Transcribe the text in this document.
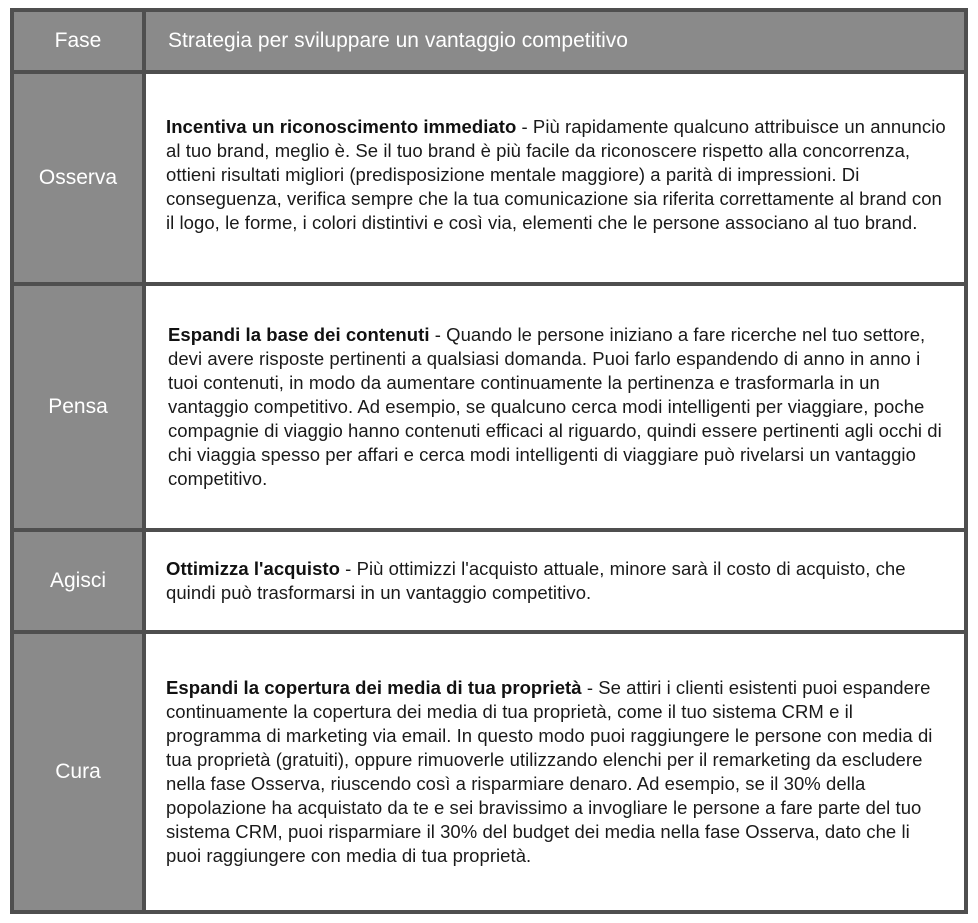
Fase	Strategia per sviluppare un vantaggio competitivo
Osserva

Incentiva un riconoscimento immediato - Più rapidamente qualcuno attribuisce un annuncio al tuo brand, meglio è. Se il tuo brand è più facile da riconoscere rispetto alla concorrenza, ottieni risultati migliori (predisposizione mentale maggiore) a parità di impressioni. Di conseguenza, verifica sempre che la tua comunicazione sia riferita correttamente al brand con il logo, le forme, i colori distintivi e così via, elementi che le persone associano al tuo brand.

Pensa

Espandi la base dei contenuti - Quando le persone iniziano a fare ricerche nel tuo settore, devi avere risposte pertinenti a qualsiasi domanda. Puoi farlo espandendo di anno in anno i tuoi contenuti, in modo da aumentare continuamente la pertinenza e trasformarla in un vantaggio competitivo. Ad esempio, se qualcuno cerca modi intelligenti per viaggiare, poche compagnie di viaggio hanno contenuti efficaci al riguardo, quindi essere pertinenti agli occhi di chi viaggia spesso per affari e cerca modi intelligenti di viaggiare può rivelarsi un vantaggio competitivo.

Agisci

Ottimizza l'acquisto - Più ottimizzi l'acquisto attuale, minore sarà il costo di acquisto, che quindi può trasformarsi in un vantaggio competitivo.

Cura

Espandi la copertura dei media di tua proprietà - Se attiri i clienti esistenti puoi espandere continuamente la copertura dei media di tua proprietà, come il tuo sistema CRM e il programma di marketing via email. In questo modo puoi raggiungere le persone con media di tua proprietà (gratuiti), oppure rimuoverle utilizzando elenchi per il remarketing da escludere nella fase Osserva, riuscendo così a risparmiare denaro. Ad esempio, se il 30% della popolazione ha acquistato da te e sei bravissimo a invogliare le persone a fare parte del tuo sistema CRM, puoi risparmiare il 30% del budget dei media nella fase Osserva, dato che li puoi raggiungere con media di tua proprietà.
